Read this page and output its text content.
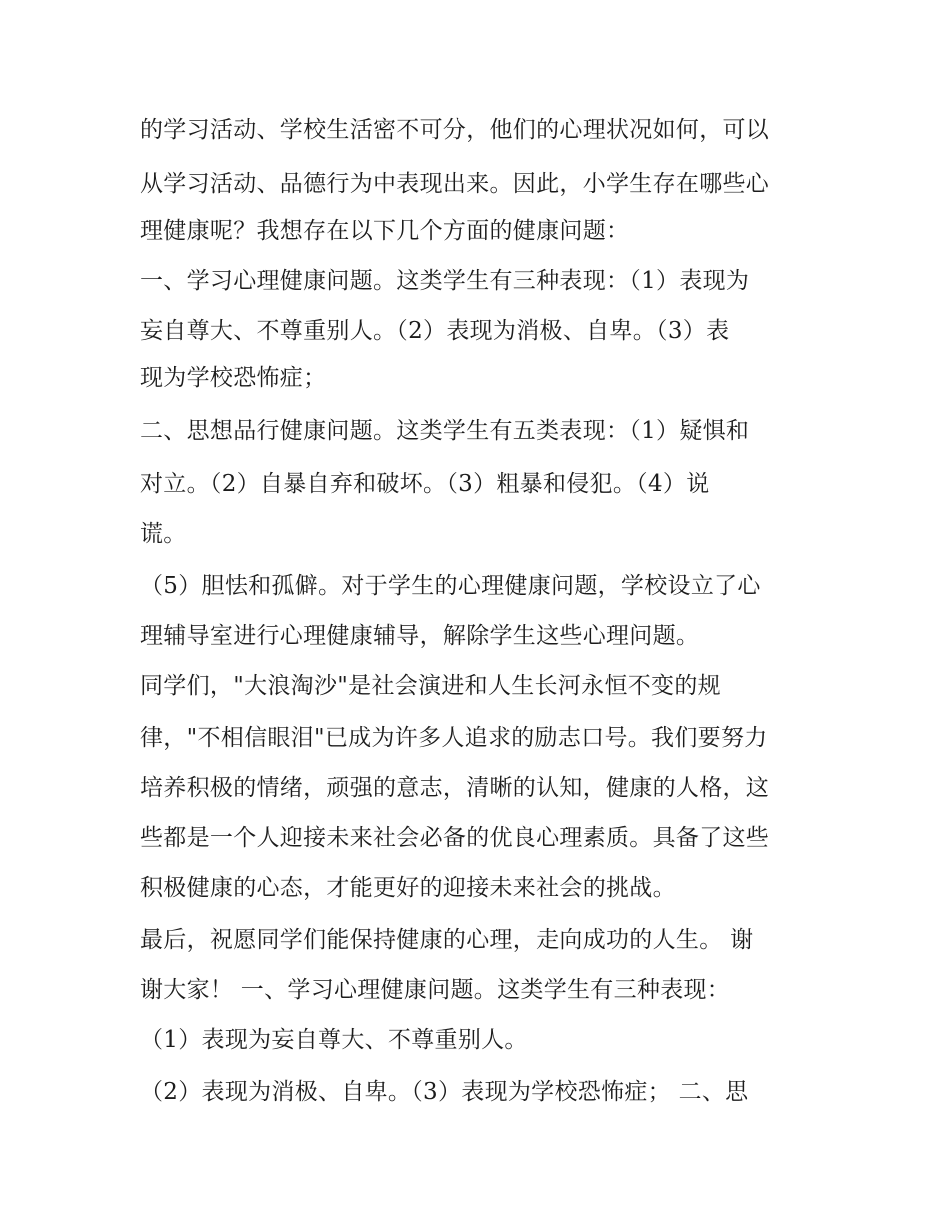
的学习活动、学校生活密不可分，他们的心理状况如何，可以
从学习活动、品德行为中表现出来。因此，小学生存在哪些心
理健康呢？我想存在以下几个方面的健康问题：
一、学习心理健康问题。这类学生有三种表现：（1）表现为
妄自尊大、不尊重别人。（2）表现为消极、自卑。（3）表
现为学校恐怖症；
二、思想品行健康问题。这类学生有五类表现：（1）疑惧和
对立。（2）自暴自弃和破坏。（3）粗暴和侵犯。（4）说
谎。
（5）胆怯和孤僻。对于学生的心理健康问题，学校设立了心
理辅导室进行心理健康辅导，解除学生这些心理问题。
同学们，"大浪淘沙"是社会演进和人生长河永恒不变的规
律，"不相信眼泪"已成为许多人追求的励志口号。我们要努力
培养积极的情绪，顽强的意志，清晰的认知，健康的人格，这
些都是一个人迎接未来社会必备的优良心理素质。具备了这些
积极健康的心态，才能更好的迎接未来社会的挑战。
最后，祝愿同学们能保持健康的心理，走向成功的人生。 谢
谢大家！ 一、学习心理健康问题。这类学生有三种表现：
（1）表现为妄自尊大、不尊重别人。
（2）表现为消极、自卑。（3）表现为学校恐怖症； 二、思
